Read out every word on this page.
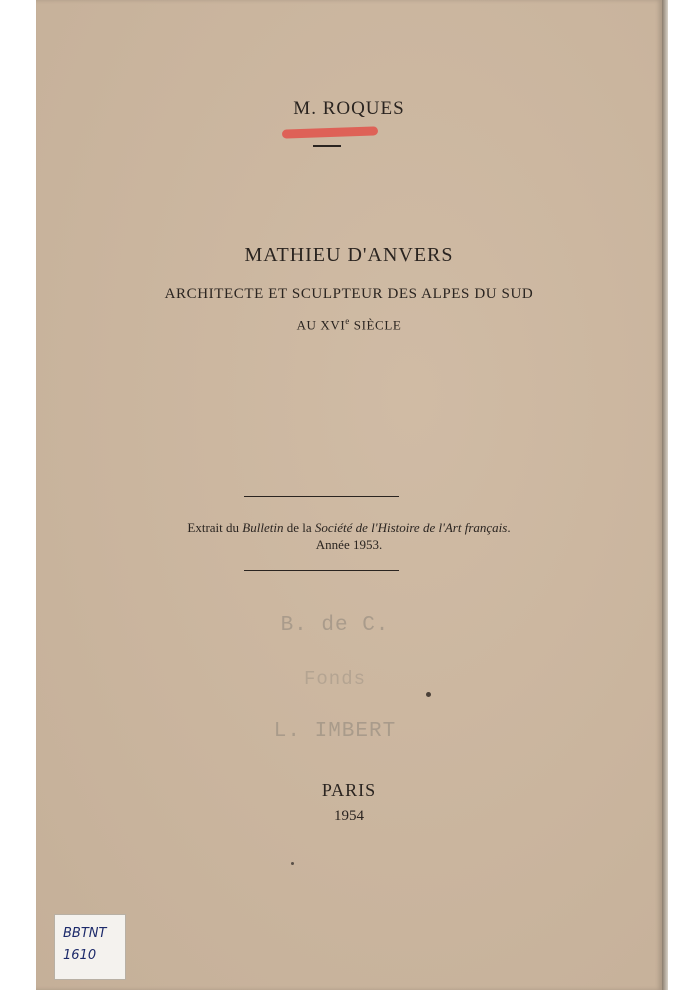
M. ROQUES
MATHIEU D'ANVERS
ARCHITECTE ET SCULPTEUR DES ALPES DU SUD
AU XVIe SIÈCLE
Extrait du Bulletin de la Société de l'Histoire de l'Art français.
Année 1953.
B. de C.
Fonds
L. IMBERT
PARIS
1954
BBTNT
1610
